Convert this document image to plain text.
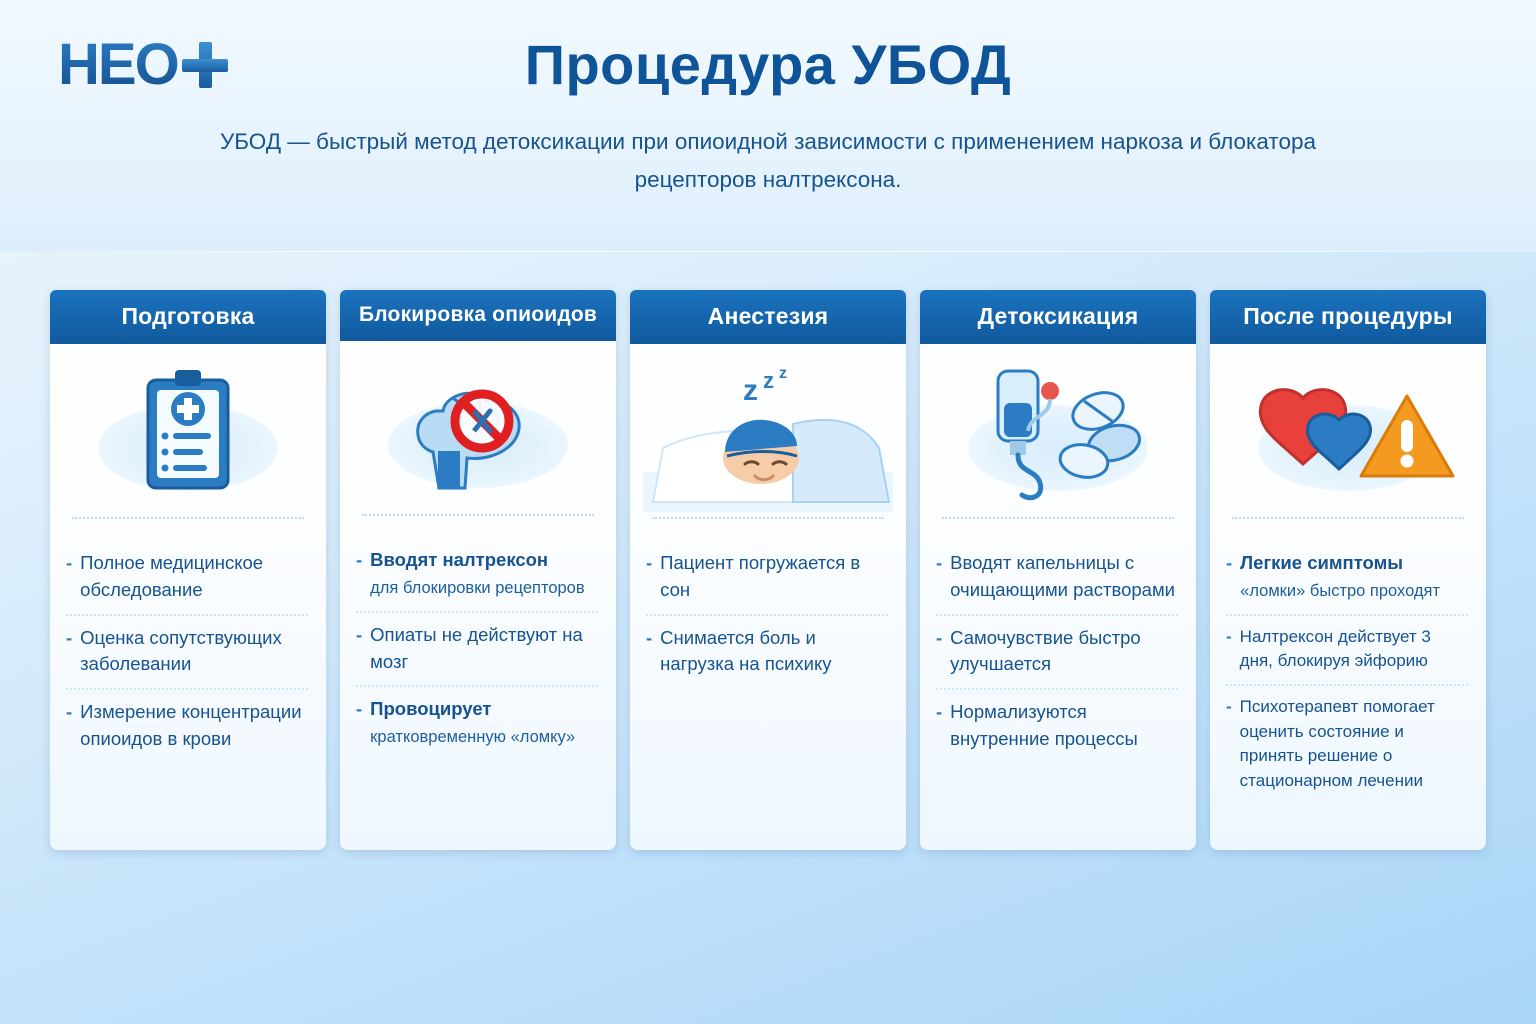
HEO	Процедура УБОД
УБОД — быстрый метод детоксикации при опиоидной зависимости с применением наркоза и блокатора рецепторов налтрексона.
Подготовка
- Полное медицинское обследование
- Оценка сопутствующих заболевании
- Измерение концентрации опиоидов в крови
Блокировка опиоидов
- Вводят налтрексон
для блокировки рецепторов
- Опиаты не действуют на мозг
- Провоцирует
кратковременную «ломку»
Анестезия
z z z
- Пациент погружается в сон
- Снимается боль и нагрузка на психику
Детоксикация
- Вводят капельницы с очищающими растворами
- Самочувствие быстро улучшается
- Нормализуются внутренние процессы
После процедуры
- Легкие симптомы
«ломки» быстро проходят
- Налтрексон действует 3 дня, блокируя эйфорию
- Психотерапевт помогает оценить состояние и принять решение о стационарном лечении
